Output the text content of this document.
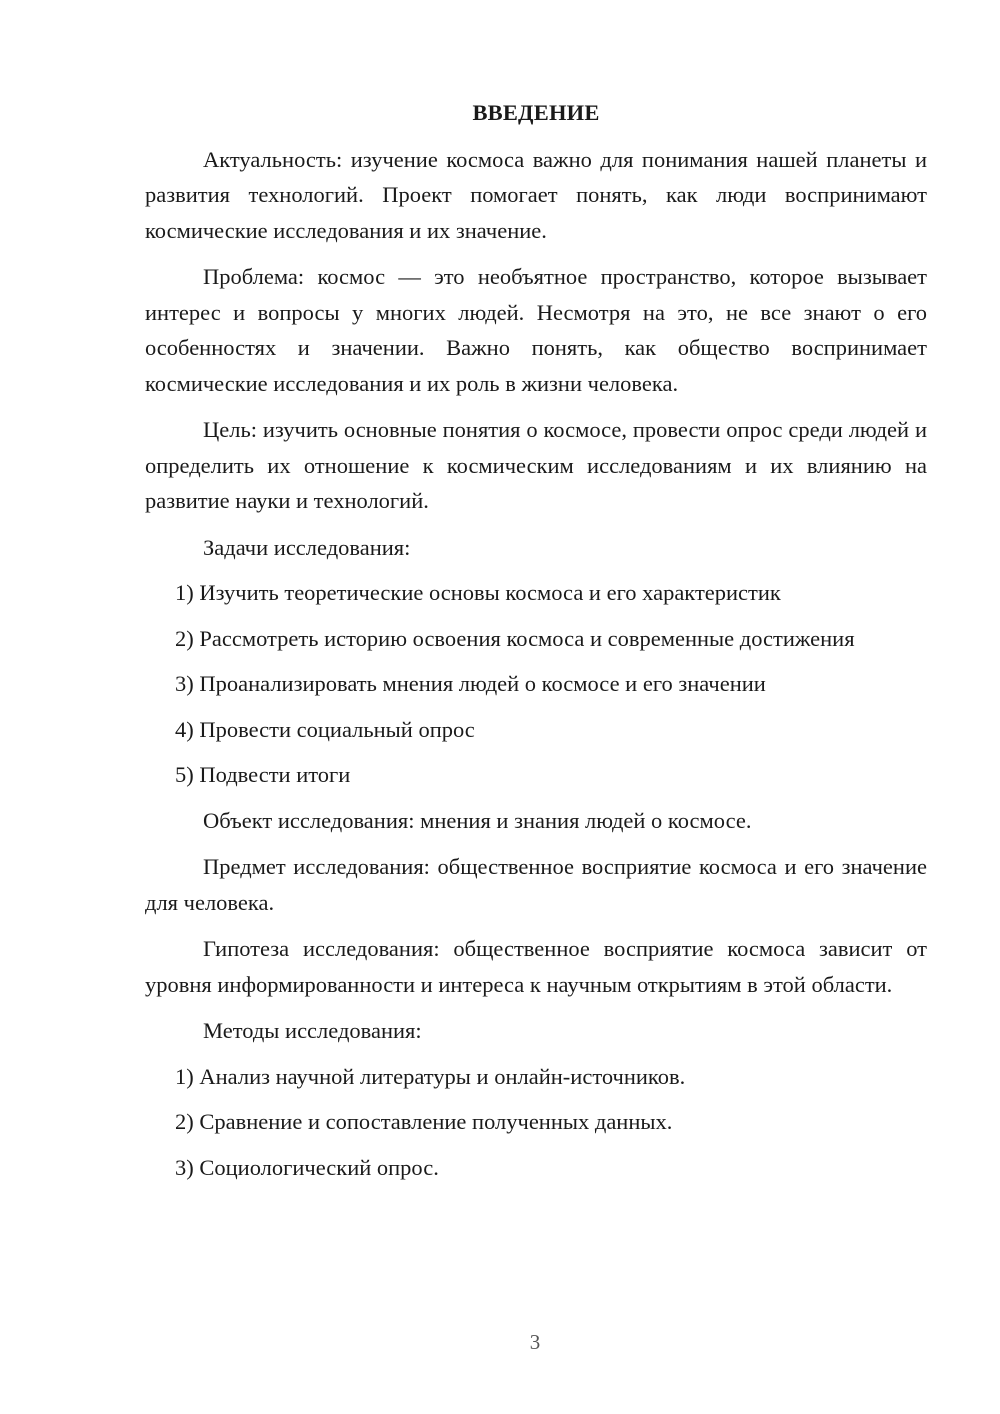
ВВЕДЕНИЕ

Актуальность: изучение космоса важно для понимания нашей планеты и развития технологий. Проект помогает понять, как люди воспринимают космические исследования и их значение.

Проблема: космос — это необъятное пространство, которое вызывает интерес и вопросы у многих людей. Несмотря на это, не все знают о его особенностях и значении. Важно понять, как общество воспринимает космические исследования и их роль в жизни человека.

Цель: изучить основные понятия о космосе, провести опрос среди людей и определить их отношение к космическим исследованиям и их влиянию на развитие науки и технологий.

Задачи исследования:
1) Изучить теоретические основы космоса и его характеристик
2) Рассмотреть историю освоения космоса и современные достижения
3) Проанализировать мнения людей о космосе и его значении
4) Провести социальный опрос
5) Подвести итоги

Объект исследования: мнения и знания людей о космосе.

Предмет исследования: общественное восприятие космоса и его значение для человека.

Гипотеза исследования: общественное восприятие космоса зависит от уровня информированности и интереса к научным открытиям в этой области.

Методы исследования:
1) Анализ научной литературы и онлайн-источников.
2) Сравнение и сопоставление полученных данных.
3) Социологический опрос.
3
